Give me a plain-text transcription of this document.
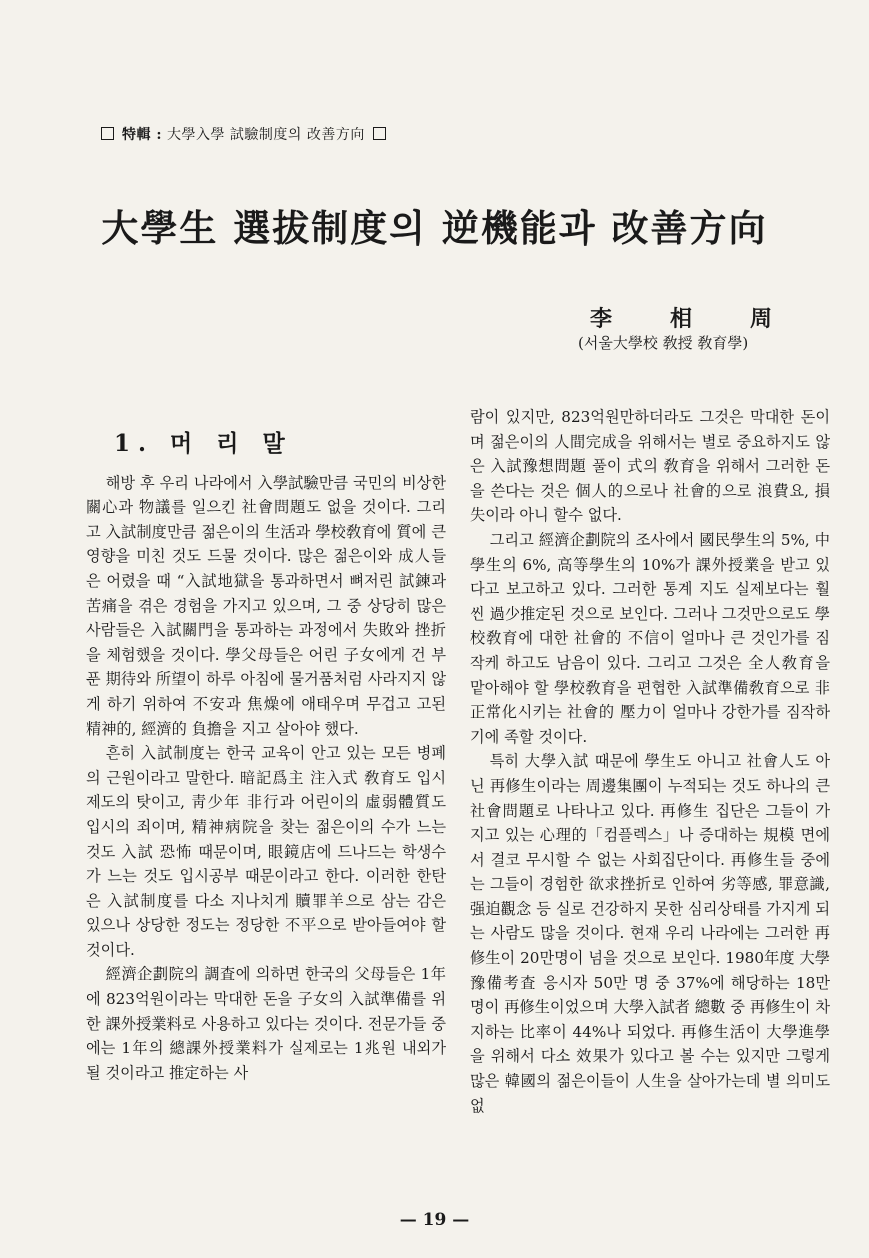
特輯 : 大學入學 試驗制度의 改善方向
大學生 選拔制度의 逆機能과 改善方向
李	相	周
(서울大學校 敎授 敎育學)
1. 머 리 말

해방 후 우리 나라에서 入學試驗만큼 국민의 비상한 關心과 物議를 일으킨 社會問題도 없을 것이다. 그리고 入試制度만큼 젊은이의 生活과 學校敎育에 質에 큰 영향을 미친 것도 드물 것이다. 많은 젊은이와 成人들은 어렸을 때 “入試地獄을 통과하면서 뼈저린 試鍊과 苦痛을 겪은 경험을 가지고 있으며, 그 중 상당히 많은 사람들은 入試關門을 통과하는 과정에서 失敗와 挫折을 체험했을 것이다. 學父母들은 어린 子女에게 건 부푼 期待와 所望이 하루 아침에 물거품처럼 사라지지 않게 하기 위하여 不安과 焦燥에 애태우며 무겁고 고된 精神的, 經濟的 負擔을 지고 살아야 했다.

흔히 入試制度는 한국 교육이 안고 있는 모든 병폐의 근원이라고 말한다. 暗記爲主 注入式 敎育도 입시제도의 탓이고, 靑少年 非行과 어린이의 虛弱體質도 입시의 죄이며, 精神病院을 찾는 젊은이의 수가 느는 것도 入試 恐怖 때문이며, 眼鏡店에 드나드는 학생수가 느는 것도 입시공부 때문이라고 한다. 이러한 한탄은 入試制度를 다소 지나치게 贖罪羊으로 삼는 감은 있으나 상당한 정도는 정당한 不平으로 받아들여야 할 것이다.

經濟企劃院의 調査에 의하면 한국의 父母들은 1年에 823억원이라는 막대한 돈을 子女의 入試準備를 위한 課外授業料로 사용하고 있다는 것이다. 전문가들 중에는 1年의 總課外授業料가 실제로는 1兆원 내외가 될 것이라고 推定하는 사

람이 있지만, 823억원만하더라도 그것은 막대한 돈이며 젊은이의 人間完成을 위해서는 별로 중요하지도 않은 入試豫想問題 풀이 式의 敎育을 위해서 그러한 돈을 쓴다는 것은 個人的으로나 社會的으로 浪費요, 損失이라 아니 할수 없다.

그리고 經濟企劃院의 조사에서 國民學生의 5%, 中學生의 6%, 高等學生의 10%가 課外授業을 받고 있다고 보고하고 있다. 그러한 통계 지도 실제보다는 훨씬 過少推定된 것으로 보인다. 그러나 그것만으로도 學校敎育에 대한 社會的 不信이 얼마나 큰 것인가를 짐작케 하고도 남음이 있다. 그리고 그것은 全人敎育을 맡아해야 할 學校敎育을 편협한 入試準備敎育으로 非正常化시키는 社會的 壓力이 얼마나 강한가를 짐작하기에 족할 것이다.

특히 大學入試 때문에 學生도 아니고 社會人도 아닌 再修生이라는 周邊集團이 누적되는 것도 하나의 큰 社會問題로 나타나고 있다. 再修生 집단은 그들이 가지고 있는 心理的「컴플렉스」나 증대하는 規模 면에서 결코 무시할 수 없는 사회집단이다. 再修生들 중에는 그들이 경험한 欲求挫折로 인하여 劣等感, 罪意識, 强迫觀念 등 실로 건강하지 못한 심리상태를 가지게 되는 사람도 많을 것이다. 현재 우리 나라에는 그러한 再修生이 20만명이 넘을 것으로 보인다. 1980年度 大學豫備考査 응시자 50만 명 중 37%에 해당하는 18만 명이 再修生이었으며 大學入試者 總數 중 再修生이 차지하는 比率이 44%나 되었다. 再修生活이 大學進學을 위해서 다소 效果가 있다고 볼 수는 있지만 그렇게 많은 韓國의 젊은이들이 人生을 살아가는데 별 의미도 없

— 19 —
